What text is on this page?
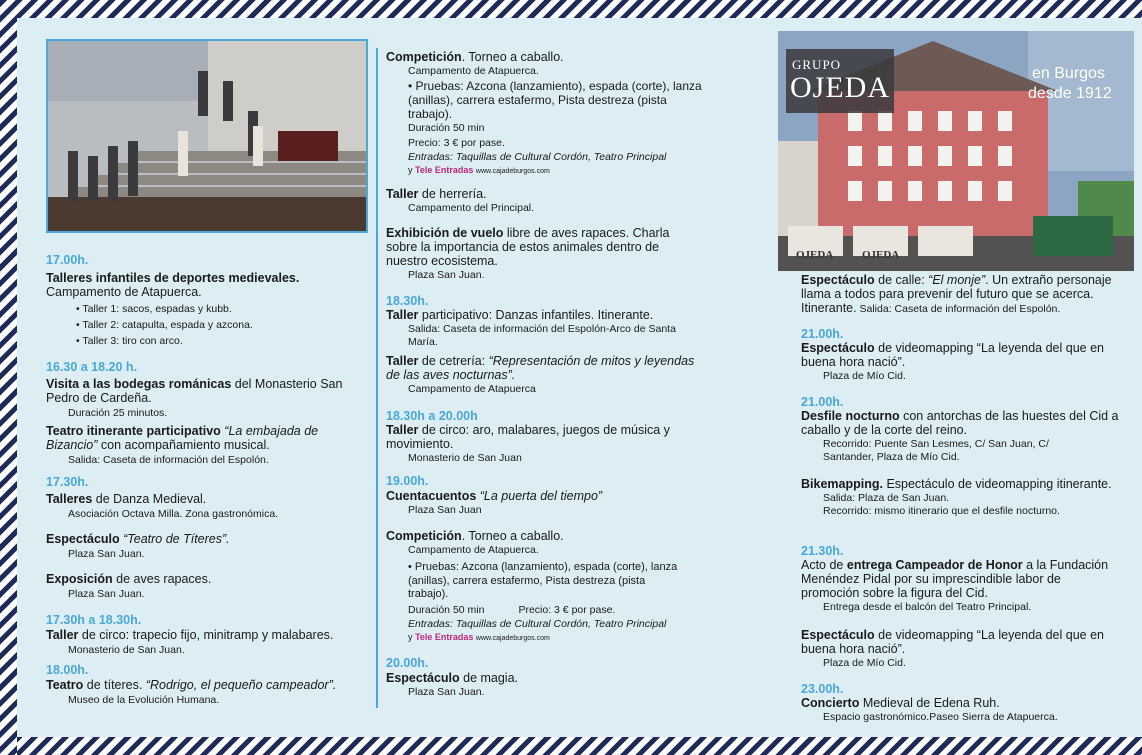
GRUPO
OJEDA	en Burgos
desde 1912
OJEDA	OJEDA
17.00h.
Talleres infantiles de deportes medievales.
Campamento de Atapuerca.
• Taller 1: sacos, espadas y kubb.
• Taller 2: catapulta, espada y azcona.
• Taller 3: tiro con arco.
16.30 a 18.20 h.
Visita a las bodegas románicas del Monasterio San Pedro de Cardeña.
Duración 25 minutos.
Teatro itinerante participativo “La embajada de Bizancio” con acompañamiento musical.
Salida: Caseta de información del Espolón.
17.30h.
Talleres de Danza Medieval.
Asociación Octava Milla. Zona gastronómica.
Espectáculo “Teatro de Títeres”.
Plaza San Juan.
Exposición de aves rapaces.
Plaza San Juan.
17.30h a 18.30h.
Taller de circo: trapecio fijo, minitramp y malabares.
Monasterio de San Juan.
18.00h.
Teatro de títeres. “Rodrigo, el pequeño campeador”.
Museo de la Evolución Humana.
Competición. Torneo a caballo.
Campamento de Atapuerca.
• Pruebas: Azcona (lanzamiento), espada (corte), lanza (anillas), carrera estafermo, Pista destreza (pista trabajo).
Duración 50 min
Precio: 3 € por pase.
Entradas: Taquillas de Cultural Cordón, Teatro Principal
y Tele Entradas www.cajadeburgos.com
Taller de herrería.
Campamento del Principal.
Exhibición de vuelo libre de aves rapaces. Charla sobre la importancia de estos animales dentro de nuestro ecosistema.
Plaza San Juan.
18.30h.
Taller participativo: Danzas infantiles. Itinerante.
Salida: Caseta de información del Espolón-Arco de Santa María.
Taller de cetrería: “Representación de mitos y leyendas de las aves nocturnas”.
Campamento de Atapuerca
18.30h a 20.00h
Taller de circo: aro, malabares, juegos de música y movimiento.
Monasterio de San Juan
19.00h.
Cuentacuentos “La puerta del tiempo”
Plaza San Juan
Competición. Torneo a caballo.
Campamento de Atapuerca.
• Pruebas: Azcona (lanzamiento), espada (corte), lanza (anillas), carrera estafermo, Pista destreza (pista trabajo).
Duración 50 min	Precio: 3 € por pase.
Entradas: Taquillas de Cultural Cordón, Teatro Principal
y Tele Entradas www.cajadeburgos.com
20.00h.
Espectáculo de magia.
Plaza San Juan.
Espectáculo de calle: “El monje”. Un extraño personaje llama a todos para prevenir del futuro que se acerca. Itinerante. Salida: Caseta de información del Espolón.
21.00h.
Espectáculo de videomapping “La leyenda del que en buena hora nació”.
Plaza de Mío Cid.
21.00h.
Desfile nocturno con antorchas de las huestes del Cid a caballo y de la corte del reino.
Recorrido: Puente San Lesmes, C/ San Juan, C/ Santander, Plaza de Mío Cid.
Bikemapping. Espectáculo de videomapping itinerante.
Salida: Plaza de San Juan.
Recorrido: mismo itinerario que el desfile nocturno.
21.30h.
Acto de entrega Campeador de Honor a la Fundación Menéndez Pidal por su imprescindible labor de promoción sobre la figura del Cid.
Entrega desde el balcón del Teatro Principal.
Espectáculo de videomapping “La leyenda del que en buena hora nació”.
Plaza de Mío Cid.
23.00h.
Concierto Medieval de Edena Ruh.
Espacio gastronómico.Paseo Sierra de Atapuerca.
